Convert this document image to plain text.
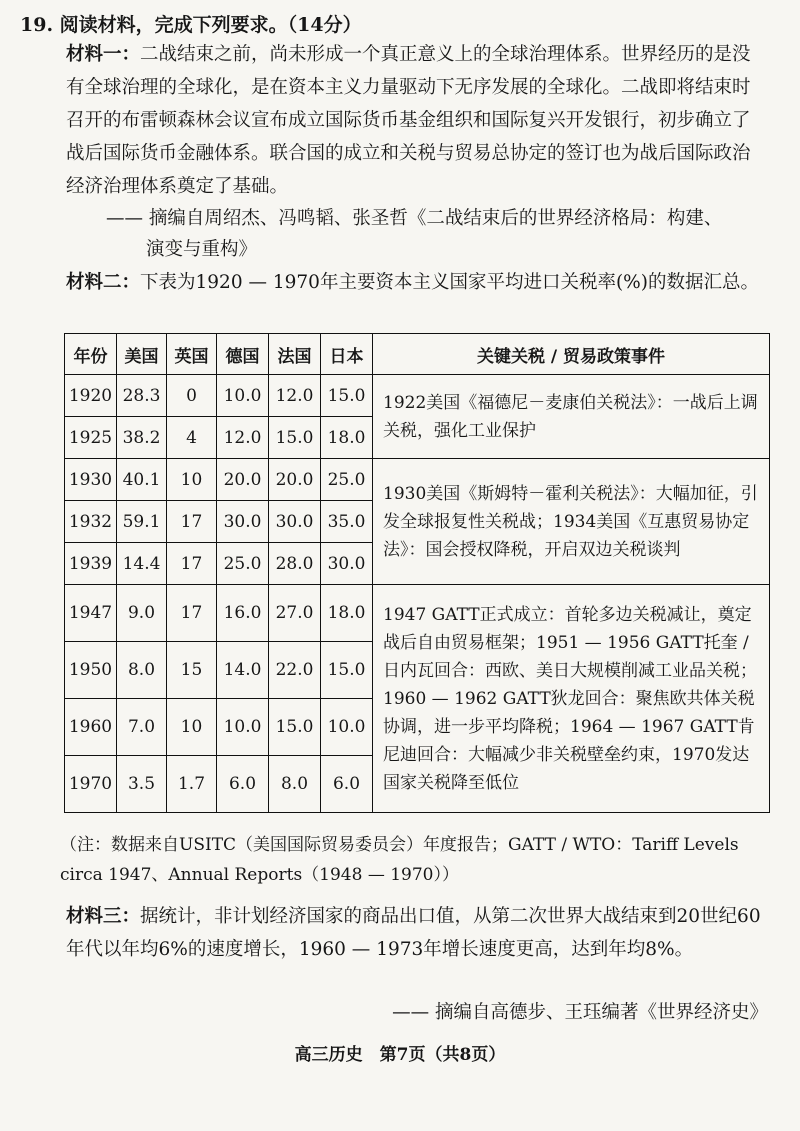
19. 阅读材料，完成下列要求。（14分）
材料一：二战结束之前，尚未形成一个真正意义上的全球治理体系。世界经历的是没有全球治理的全球化，是在资本主义力量驱动下无序发展的全球化。二战即将结束时召开的布雷顿森林会议宣布成立国际货币基金组织和国际复兴开发银行，初步确立了战后国际货币金融体系。联合国的成立和关税与贸易总协定的签订也为战后国际政治经济治理体系奠定了基础。
—— 摘编自周绍杰、冯鸣韬、张圣哲《二战结束后的世界经济格局：构建、
演变与重构》
材料二：下表为1920 — 1970年主要资本主义国家平均进口关税率(%)的数据汇总。
年份	美国	英国	德国	法国	日本	关键关税 / 贸易政策事件
1920	28.3	0	10.0	12.0	15.0	1922美国《福德尼－麦康伯关税法》：一战后上调关税，强化工业保护
1925	38.2	4	12.0	15.0	18.0	
1930	40.1	10	20.0	20.0	25.0	1930美国《斯姆特－霍利关税法》：大幅加征，引发全球报复性关税战；1934美国《互惠贸易协定法》：国会授权降税，开启双边关税谈判
1932	59.1	17	30.0	30.0	35.0	
1939	14.4	17	25.0	28.0	30.0	
1947	9.0	17	16.0	27.0	18.0	1947 GATT正式成立：首轮多边关税减让，奠定战后自由贸易框架；1951 — 1956 GATT托奎 / 日内瓦回合：西欧、美日大规模削减工业品关税；1960 — 1962 GATT狄龙回合：聚焦欧共体关税协调，进一步平均降税；1964 — 1967 GATT肯尼迪回合：大幅减少非关税壁垒约束，1970发达国家关税降至低位
1950	8.0	15	14.0	22.0	15.0	
1960	7.0	10	10.0	15.0	10.0	
1970	3.5	1.7	6.0	8.0	6.0	
（注：数据来自USITC（美国国际贸易委员会）年度报告；GATT / WTO：Tariff Levels circa 1947、Annual Reports（1948 — 1970））
材料三：据统计，非计划经济国家的商品出口值，从第二次世界大战结束到20世纪60年代以年均6%的速度增长，1960 — 1973年增长速度更高，达到年均8%。
—— 摘编自高德步、王珏编著《世界经济史》
高三历史　第7页（共8页）
